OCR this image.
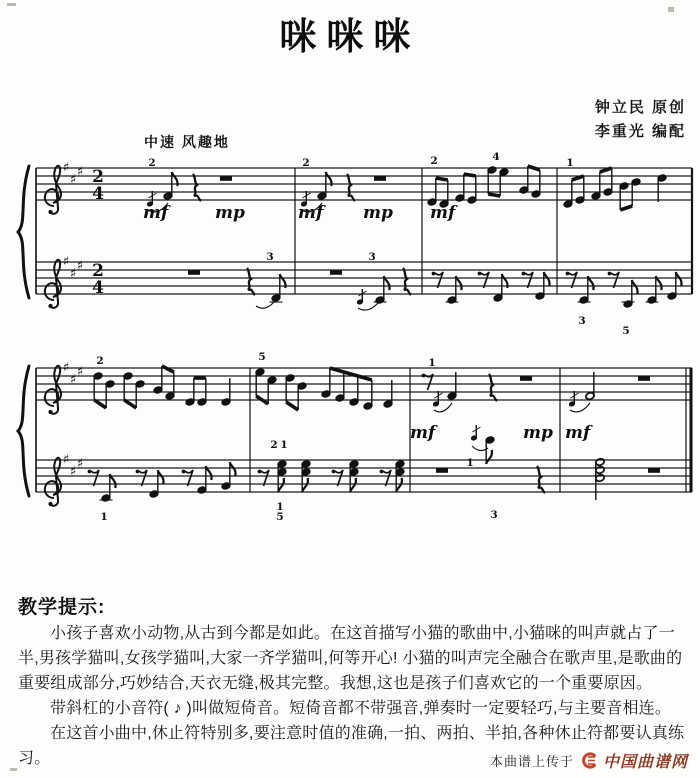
咪咪咪
钟立民 原创
李重光 编配
中速 风趣地
♯
♯
♯
♯
♯
♯
2
4
2
4
2	2	2	4	1
3	3
3
5
♯
♯
♯
♯
♯
♯
2	5	1
1
1
2 1
1
5	3
mf	mp	mf mp mf
mf	mp mf
教学提示:

小孩子喜欢小动物,从古到今都是如此。在这首描写小猫的歌曲中,小猫咪的叫声就占了一半,男孩学猫叫,女孩学猫叫,大家一齐学猫叫,何等开心! 小猫的叫声完全融合在歌声里,是歌曲的重要组成部分,巧妙结合,天衣无缝,极其完整。我想,这也是孩子们喜欢它的一个重要原因。

带斜杠的小音符( ♪ )叫做短倚音。短倚音都不带强音,弹奏时一定要轻巧,与主要音相连。

在这首小曲中,休止符特别多,要注意时值的准确,一拍、两拍、半拍,各种休止符都要认真练习。	本曲谱上传于 中国曲谱网
